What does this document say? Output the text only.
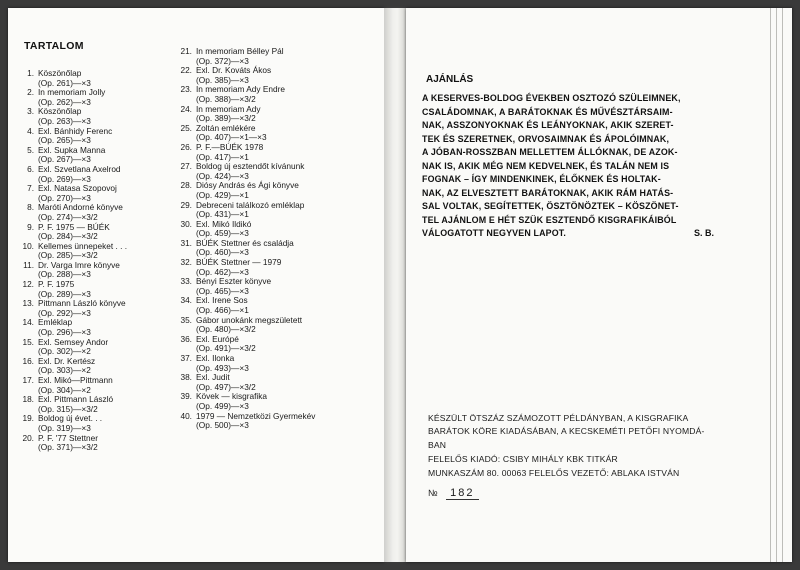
TARTALOM
1. Köszönőlap
(Op. 261)—×3
2. In memoriam Jolly
(Op. 262)—×3
3. Köszönőlap
(Op. 263)—×3
4. Exl. Bánhidy Ferenc
(Op. 265)—×3
5. Exl. Supka Manna
(Op. 267)—×3
6. Exl. Szvetlana Axelrod
(Op. 269)—×3
7. Exl. Natasa Szopovoj
(Op. 270)—×3
8. Maróti Andorné könyve
(Op. 274)—×3/2
9. P. F. 1975 — BÚÉK
(Op. 284)—×3/2
10. Kellemes ünnepeket . . .
(Op. 285)—×3/2
11. Dr. Varga Imre könyve
(Op. 288)—×3
12. P. F. 1975
(Op. 289)—×3
13. Pittmann László könyve
(Op. 292)—×3
14. Emléklap
(Op. 296)—×3
15. Exl. Semsey Andor
(Op. 302)—×2
16. Exl. Dr. Kertész
(Op. 303)—×2
17. Exl. Mikó—Pittmann
(Op. 304)—×2
18. Exl. Pittmann László
(Op. 315)—×3/2
19. Boldog új évet. . .
(Op. 319)—×3
20. P. F. '77 Stettner
(Op. 371)—×3/2
21. In memoriam Bélley Pál
(Op. 372)—×3
22. Exl. Dr. Kováts Ákos
(Op. 385)—×3
23. In memoriam Ady Endre
(Op. 388)—×3/2
24. In memoriam Ady
(Op. 389)—×3/2
25. Zoltán emlékére
(Op. 407)—×1—×3
26. P. F.—BÚÉK 1978
(Op. 417)—×1
27. Boldog új esztendőt kívánunk
(Op. 424)—×3
28. Diósy András és Ági könyve
(Op. 429)—×1
29. Debreceni találkozó emléklap
(Op. 431)—×1
30. Exl. Mikó Ildikó
(Op. 459)—×3
31. BÚÉK Stettner és családja
(Op. 460)—×3
32. BÚÉK Stettner — 1979
(Op. 462)—×3
33. Bényi Eszter könyve
(Op. 465)—×3
34. Exl. Irene Sos
(Op. 466)—×1
35. Gábor unokánk megszületett
(Op. 480)—×3/2
36. Exl. Európé
(Op. 491)—×3/2
37. Exl. Ilonka
(Op. 493)—×3
38. Exl. Judit
(Op. 497)—×3/2
39. Kövek — kisgrafika
(Op. 499)—×3
40. 1979 — Nemzetközi Gyermekév
(Op. 500)—×3
AJÁNLÁS
A KESERVES-BOLDOG ÉVEKBEN OSZTOZÓ SZÜLEIMNEK,
CSALÁDOMNAK, A BARÁTOKNAK ÉS MŰVÉSZTÁRSAIM-
NAK, ASSZONYOKNAK ÉS LEÁNYOKNAK, AKIK SZERET-
TEK ÉS SZERETNEK, ORVOSAIMNAK ÉS ÁPOLÓIMNAK,
A JÓBAN-ROSSZBAN MELLETTEM ÁLLÓKNAK, DE AZOK-
NAK IS, AKIK MÉG NEM KEDVELNEK, ÉS TALÁN NEM IS
FOGNAK – ÍGY MINDENKINEK, ÉLŐKNEK ÉS HOLTAK-
NAK, AZ ELVESZTETT BARÁTOKNAK, AKIK RÁM HATÁS-
SAL VOLTAK, SEGÍTETTEK, ÖSZTÖNÖZTEK – KÖSZÖNET-
TEL AJÁNLOM E HÉT SZÜK ESZTENDŐ KISGRAFIKÁIBÓL
VÁLOGATOTT NEGYVEN LAPOT.	S. B.
KÉSZÜLT ÖTSZÁZ SZÁMOZOTT PÉLDÁNYBAN, A KISGRAFIKA
BARÁTOK KÖRE KIADÁSÁBAN, A KECSKEMÉTI PETŐFI NYOMDÁ-
BAN
FELELŐS KIADÓ: CSIBY MIHÁLY KBK TITKÁR
MUNKASZÁM 80. 00063 FELELŐS VEZETŐ: ABLAKA ISTVÁN
№ 182
